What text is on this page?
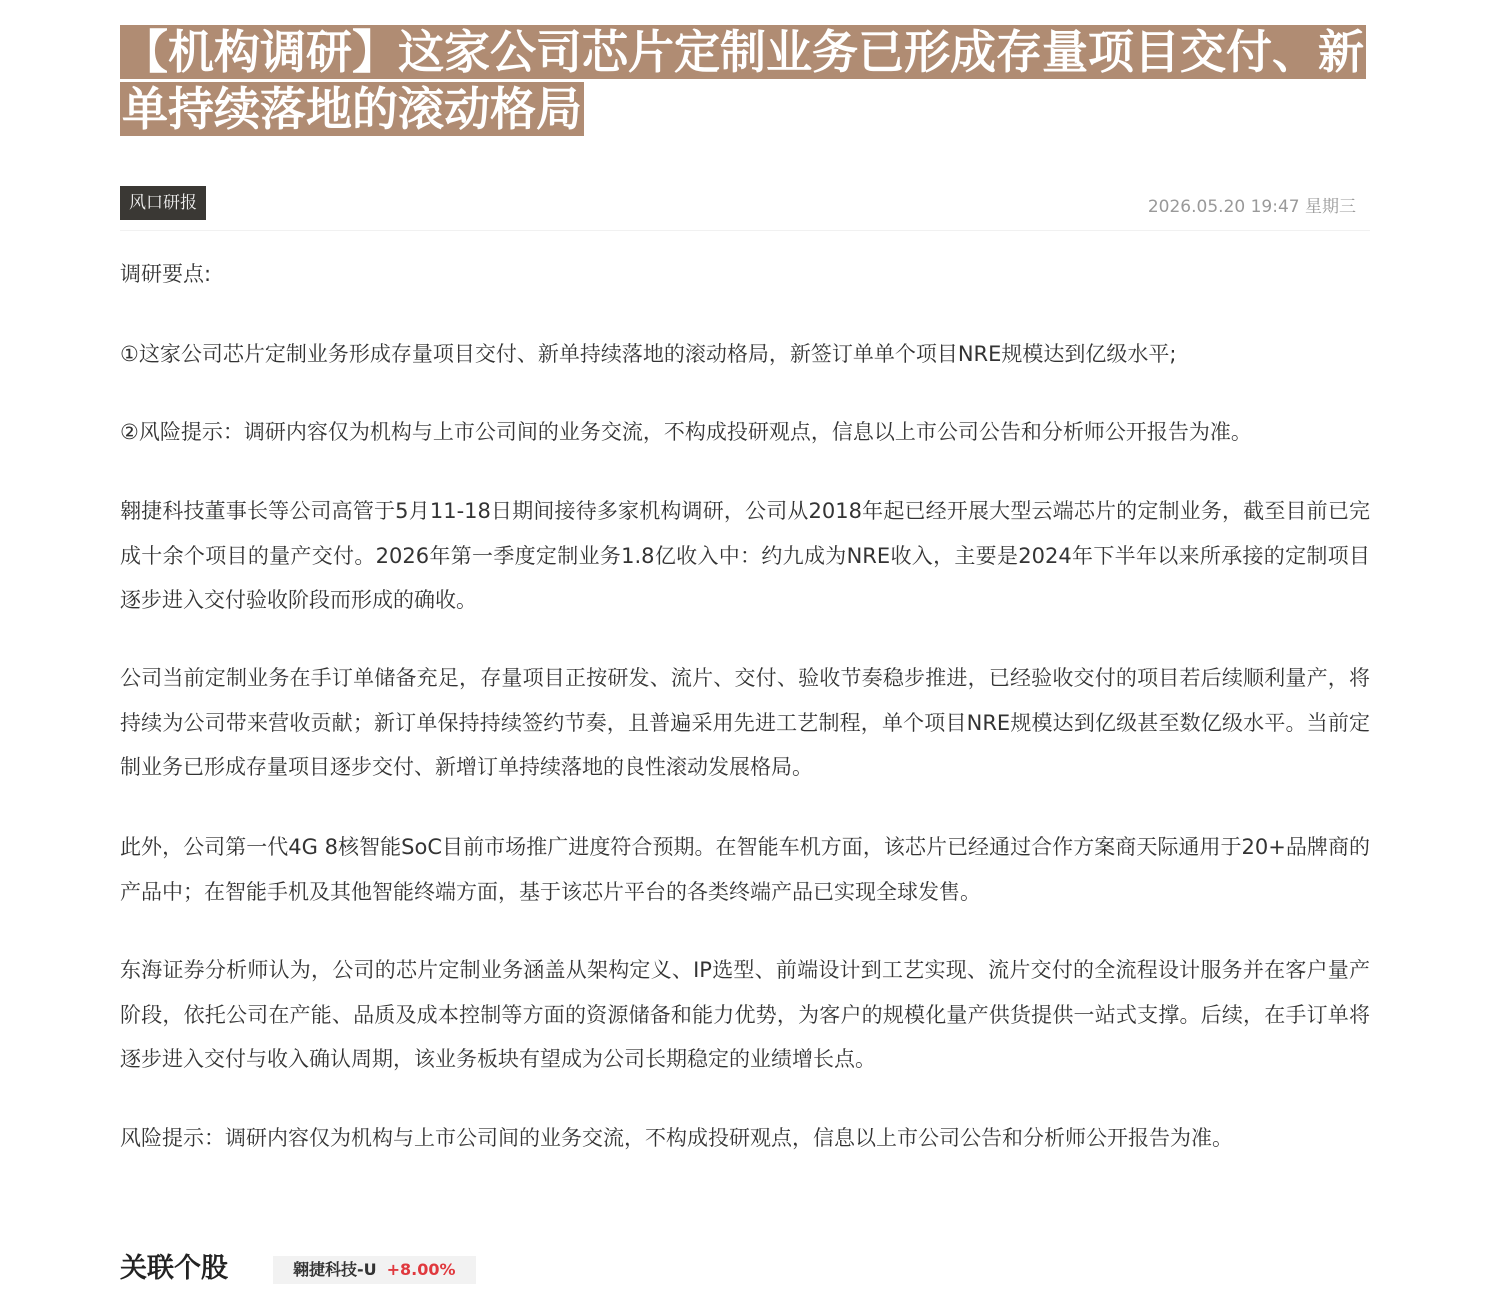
【机构调研】这家公司芯片定制业务已形成存量项目交付、新单持续落地的滚动格局
风口研报	2026.05.20 19:47 星期三

调研要点:

①这家公司芯片定制业务形成存量项目交付、新单持续落地的滚动格局，新签订单单个项目NRE规模达到亿级水平;

②风险提示：调研内容仅为机构与上市公司间的业务交流，不构成投研观点，信息以上市公司公告和分析师公开报告为准。

翱捷科技董事长等公司高管于5月11-18日期间接待多家机构调研，公司从2018年起已经开展大型云端芯片的定制业务，截至目前已完成十余个项目的量产交付。2026年第一季度定制业务1.8亿收入中：约九成为NRE收入，主要是2024年下半年以来所承接的定制项目逐步进入交付验收阶段而形成的确收。

公司当前定制业务在手订单储备充足，存量项目正按研发、流片、交付、验收节奏稳步推进，已经验收交付的项目若后续顺利量产，将持续为公司带来营收贡献；新订单保持持续签约节奏，且普遍采用先进工艺制程，单个项目NRE规模达到亿级甚至数亿级水平。当前定制业务已形成存量项目逐步交付、新增订单持续落地的良性滚动发展格局。

此外，公司第一代4G 8核智能SoC目前市场推广进度符合预期。在智能车机方面，该芯片已经通过合作方案商天际通用于20+品牌商的产品中；在智能手机及其他智能终端方面，基于该芯片平台的各类终端产品已实现全球发售。

东海证券分析师认为，公司的芯片定制业务涵盖从架构定义、IP选型、前端设计到工艺实现、流片交付的全流程设计服务并在客户量产阶段，依托公司在产能、品质及成本控制等方面的资源储备和能力优势，为客户的规模化量产供货提供一站式支撑。后续，在手订单将逐步进入交付与收入确认周期，该业务板块有望成为公司长期稳定的业绩增长点。

风险提示：调研内容仅为机构与上市公司间的业务交流，不构成投研观点，信息以上市公司公告和分析师公开报告为准。

关联个股	翱捷科技-U +8.00%
